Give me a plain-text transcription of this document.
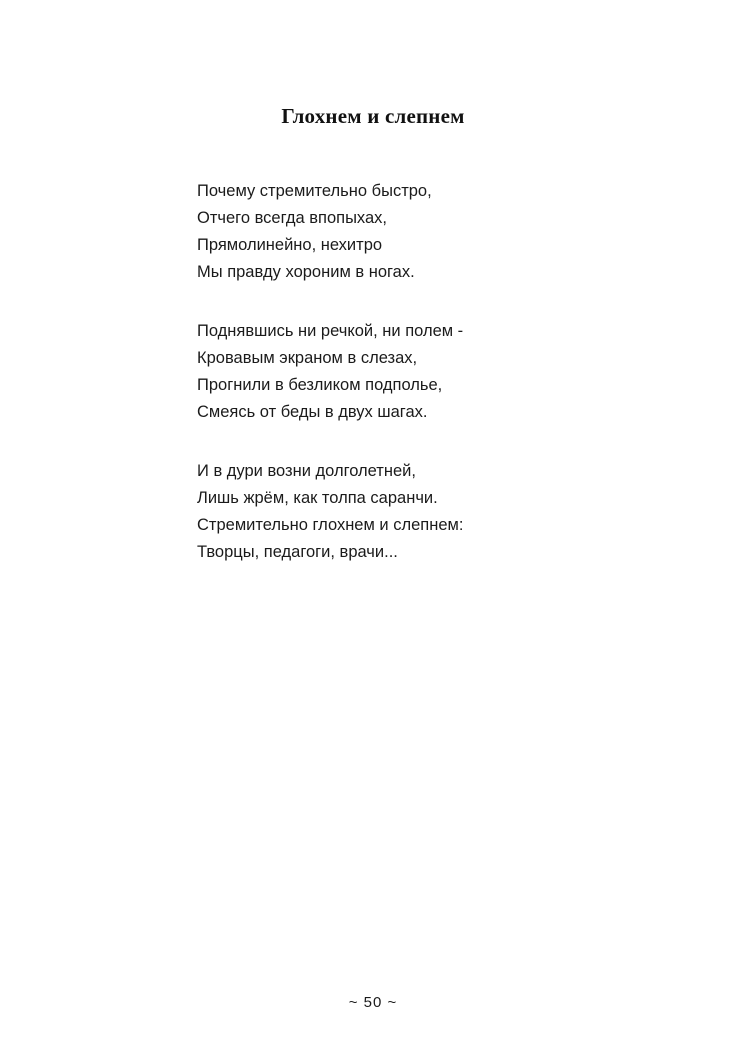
Глохнем и слепнем
Почему стремительно быстро,
Отчего всегда впопыхах,
Прямолинейно, нехитро
Мы правду хороним в ногах.
Поднявшись ни речкой, ни полем -
Кровавым экраном в слезах,
Прогнили в безликом подполье,
Смеясь от беды в двух шагах.
И в дури возни долголетней,
Лишь жрём, как толпа саранчи.
Стремительно глохнем и слепнем:
Творцы, педагоги, врачи...
~ 50 ~
